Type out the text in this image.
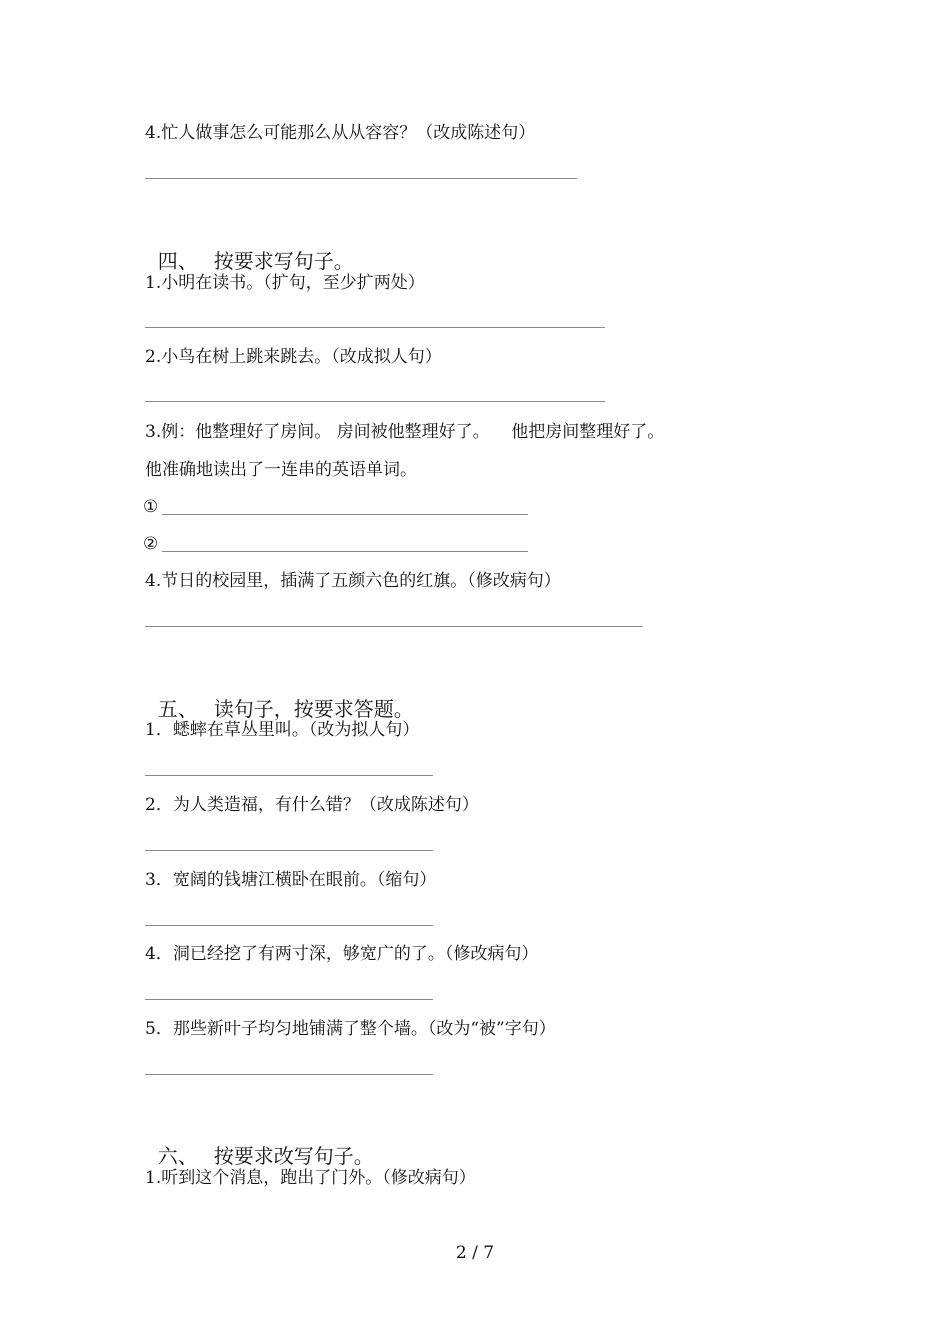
4.忙人做事怎么可能那么从从容容？（改成陈述句）

四、 按要求写句子。

1.小明在读书。（扩句，至少扩两处）
2.小鸟在树上跳来跳去。（改成拟人句）
3.例：他整理好了房间。 房间被他整理好了。    他把房间整理好了。
他准确地读出了一连串的英语单词。
①
②
4.节日的校园里，插满了五颜六色的红旗。（修改病句）

五、 读句子，按要求答题。

1．蟋蟀在草丛里叫。（改为拟人句）
2．为人类造福，有什么错？（改成陈述句）
3．宽阔的钱塘江横卧在眼前。（缩句）
4．洞已经挖了有两寸深，够宽广的了。（修改病句）
5．那些新叶子均匀地铺满了整个墙。（改为“被”字句）

六、 按要求改写句子。

1.听到这个消息，跑出了门外。（修改病句）
2 / 7
